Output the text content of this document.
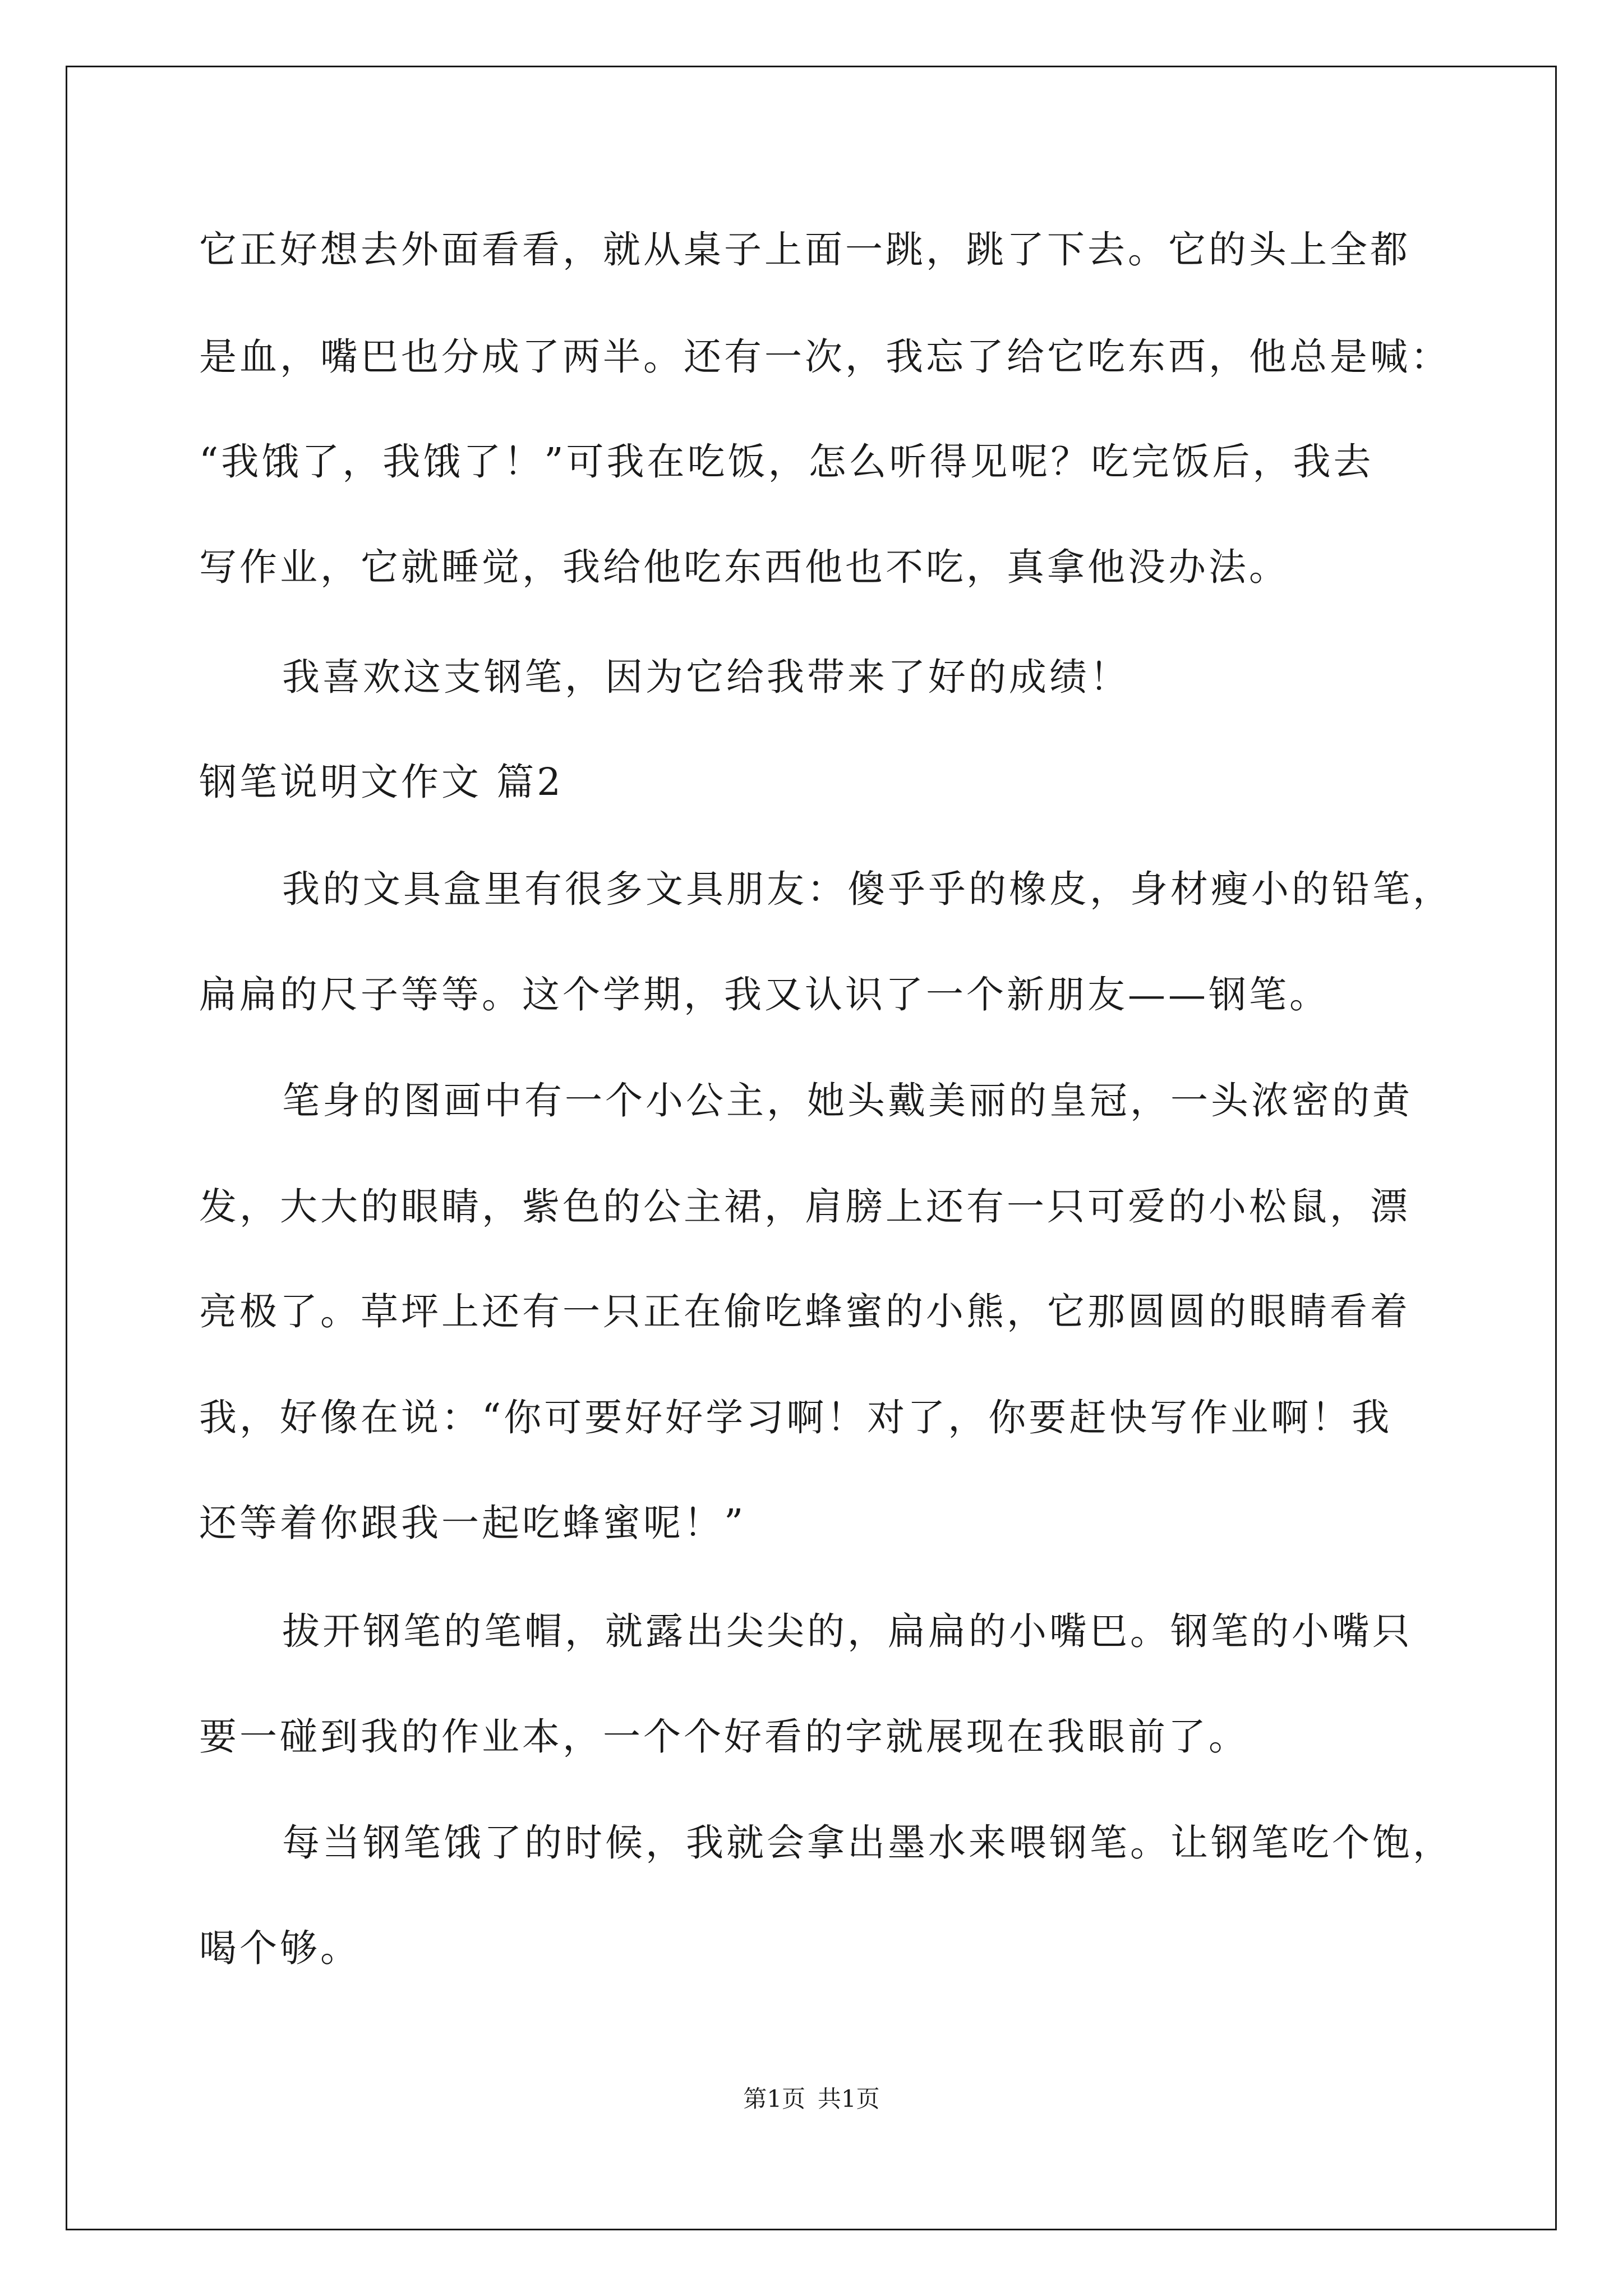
它正好想去外面看看，就从桌子上面一跳，跳了下去。它的头上全都
是血，嘴巴也分成了两半。还有一次，我忘了给它吃东西，他总是喊：
“我饿了，我饿了！”可我在吃饭，怎么听得见呢？吃完饭后，我去
写作业，它就睡觉，我给他吃东西他也不吃，真拿他没办法。
我喜欢这支钢笔，因为它给我带来了好的成绩！
钢笔说明文作文 篇2
我的文具盒里有很多文具朋友：傻乎乎的橡皮，身材瘦小的铅笔，
扁扁的尺子等等。这个学期，我又认识了一个新朋友——钢笔。
笔身的图画中有一个小公主，她头戴美丽的皇冠，一头浓密的黄
发，大大的眼睛，紫色的公主裙，肩膀上还有一只可爱的小松鼠，漂
亮极了。草坪上还有一只正在偷吃蜂蜜的小熊，它那圆圆的眼睛看着
我，好像在说：“你可要好好学习啊！对了，你要赶快写作业啊！我
还等着你跟我一起吃蜂蜜呢！”
拔开钢笔的笔帽，就露出尖尖的，扁扁的小嘴巴。钢笔的小嘴只
要一碰到我的作业本，一个个好看的字就展现在我眼前了。
每当钢笔饿了的时候，我就会拿出墨水来喂钢笔。让钢笔吃个饱，
喝个够。
第1页 共1页
